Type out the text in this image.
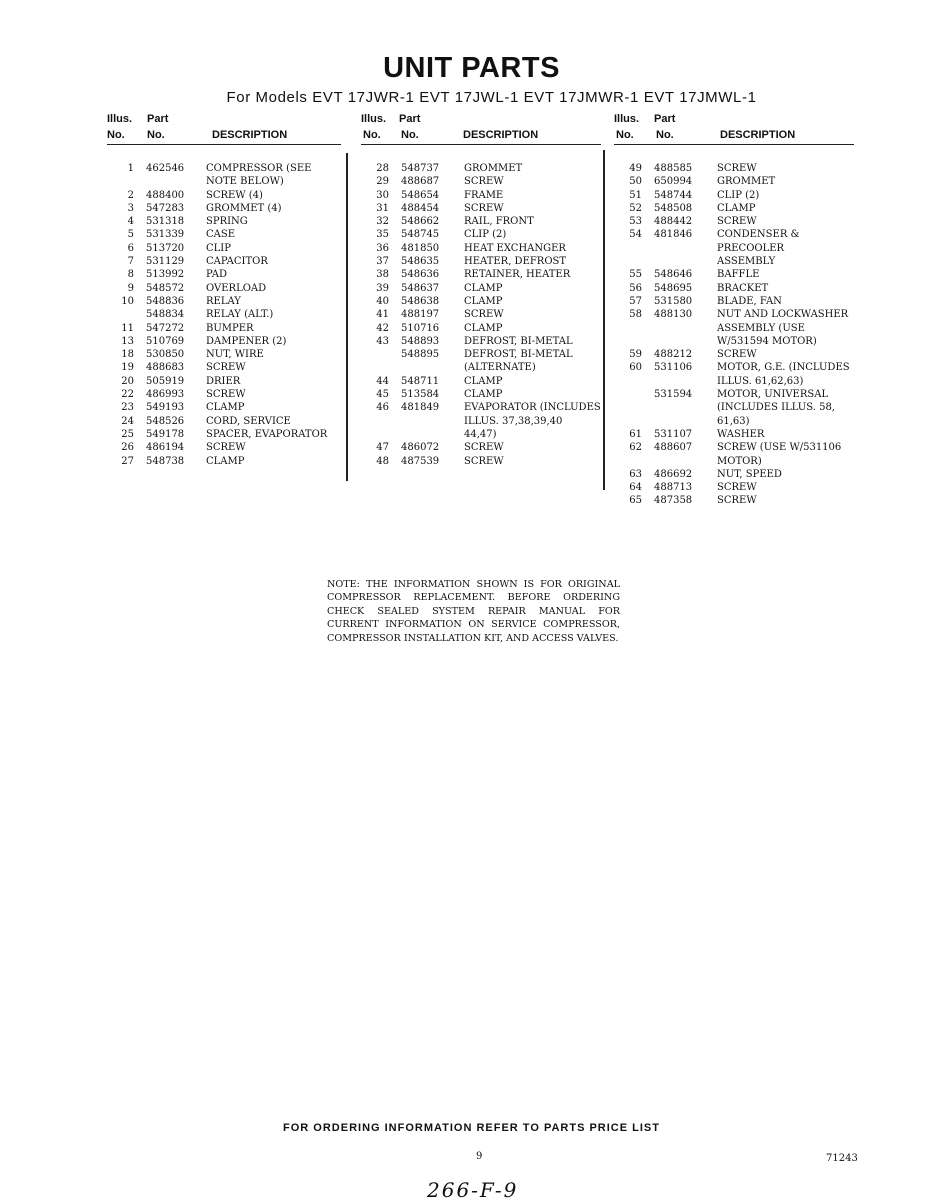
UNIT PARTS
For Models EVT 17JWR-1 EVT 17JWL-1 EVT 17JMWR-1 EVT 17JMWL-1
Illus.
No.
Part
No.	DESCRIPTION
1	462546	COMPRESSOR (SEE
NOTE BELOW)
2	488400	SCREW (4)
3	547283	GROMMET (4)
4	531318	SPRING
5	531339	CASE
6	513720	CLIP
7	531129	CAPACITOR
8	513992	PAD
9	548572	OVERLOAD
10	548836	RELAY
548834	RELAY (ALT.)
11	547272	BUMPER
13	510769	DAMPENER (2)
18	530850	NUT, WIRE
19	488683	SCREW
20	505919	DRIER
22	486993	SCREW
23	549193	CLAMP
24	548526	CORD, SERVICE
25	549178	SPACER, EVAPORATOR
26	486194	SCREW
27	548738	CLAMP
Illus.
No.
Part
No.	DESCRIPTION
28	548737	GROMMET
29	488687	SCREW
30	548654	FRAME
31	488454	SCREW
32	548662	RAIL, FRONT
35	548745	CLIP (2)
36	481850	HEAT EXCHANGER
37	548635	HEATER, DEFROST
38	548636	RETAINER, HEATER
39	548637	CLAMP
40	548638	CLAMP
41	488197	SCREW
42	510716	CLAMP
43	548893	DEFROST, BI-METAL
548895	DEFROST, BI-METAL
(ALTERNATE)
44	548711	CLAMP
45	513584	CLAMP
46	481849	EVAPORATOR (INCLUDES
ILLUS. 37,38,39,40
44,47)
47	486072	SCREW
48	487539	SCREW
Illus.
No.
Part
No.	DESCRIPTION
49	488585	SCREW
50	650994	GROMMET
51	548744	CLIP (2)
52	548508	CLAMP
53	488442	SCREW
54	481846	CONDENSER & PRECOOLER
ASSEMBLY
55	548646	BAFFLE
56	548695	BRACKET
57	531580	BLADE, FAN
58	488130	NUT AND LOCKWASHER
ASSEMBLY (USE
W/531594 MOTOR)
59	488212	SCREW
60	531106	MOTOR, G.E. (INCLUDES
ILLUS. 61,62,63)
531594	MOTOR, UNIVERSAL
(INCLUDES ILLUS. 58,
61,63)
61	531107	WASHER
62	488607	SCREW (USE W/531106
MOTOR)
63	486692	NUT, SPEED
64	488713	SCREW
65	487358	SCREW
NOTE: THE INFORMATION SHOWN IS FOR ORIGINAL COMPRESSOR REPLACEMENT. BEFORE ORDERING CHECK SEALED SYSTEM REPAIR MANUAL FOR CURRENT INFORMATION ON SERVICE COMPRESSOR, COMPRESSOR INSTALLATION KIT, AND ACCESS VALVES.
FOR ORDERING INFORMATION REFER TO PARTS PRICE LIST
9	71243
266-F-9
